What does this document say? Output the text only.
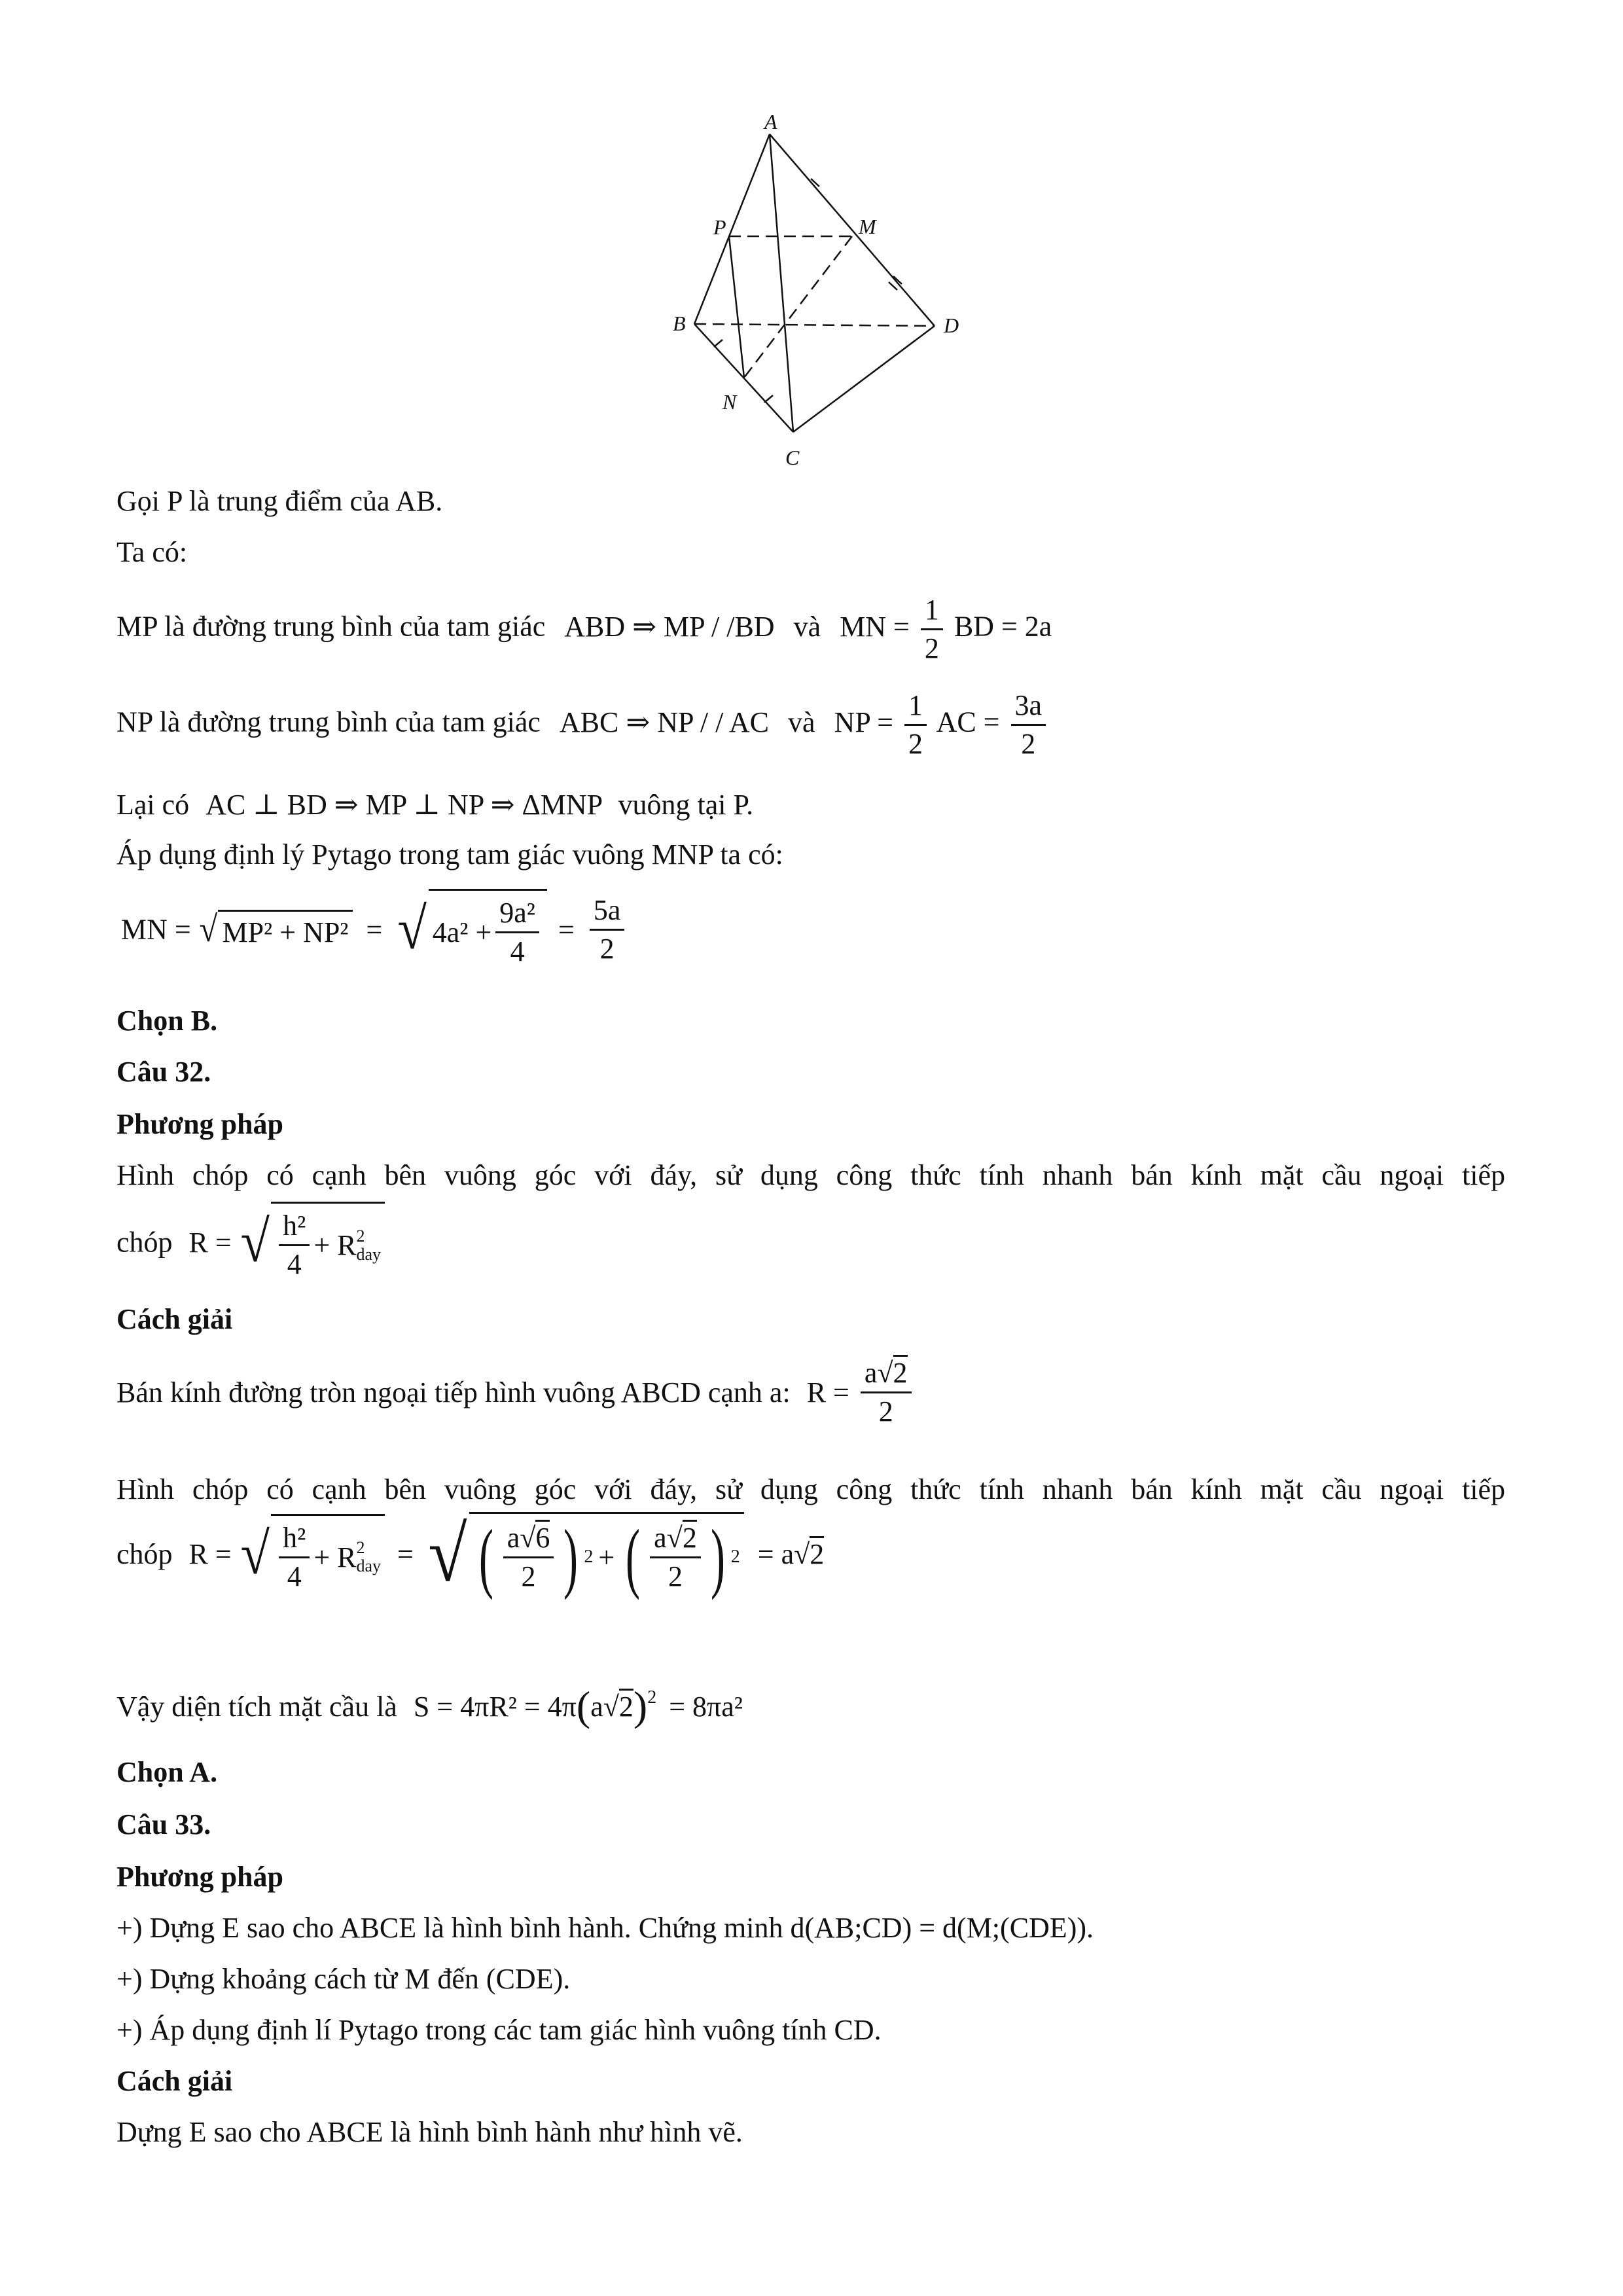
A
P	M
B	D
N
C
Gọi P là trung điểm của AB.
Ta có:
MP là đường trung bình của tam giác ABD ⇒ MP / /BD và MN = $\frac{1}{2}$ BD = 2a
NP là đường trung bình của tam giác ABC ⇒ NP / / AC và NP = $\frac{1}{2}$ AC = $\frac{3a}{2}$
Lại có AC ⊥ BD ⇒ MP ⊥ NP ⇒ ΔMNP vuông tại P.
Áp dụng định lý Pytago trong tam giác vuông MNP ta có:
MN = √ MP² + NP² = √ $4a^2 + \frac{\text{9a²}}{4} = \frac{5a}{2}$
Chọn B.
Câu 32.
Phương pháp
Hình chóp có cạnh bên vuông góc với đáy, sử dụng công thức tính nhanh bán kính mặt cầu ngoại tiếp
chóp R = √ $\frac{\text{h²}}{4} + R$ 2
day
Cách giải
Bán kính đường tròn ngoại tiếp hình vuông ABCD cạnh a: $R = \frac{a√2}{2}$
Hình chóp có cạnh bên vuông góc với đáy, sử dụng công thức tính nhanh bán kính mặt cầu ngoại tiếp
chóp R = √ $\frac{\text{h²}}{4} + R$ 2
day = √ ( $\frac{a√6}{2}$ ) 2 + ( $\frac{a√2}{2}$ ) 2 = a√2
Vậy diện tích mặt cầu là $S = 4\pi R^2 = 4\pi(a√2)^2 = 8\pi a^2$
Chọn A.
Câu 33.
Phương pháp
+) Dựng E sao cho ABCE là hình bình hành. Chứng minh d(AB;CD) = d(M;(CDE)).
+) Dựng khoảng cách từ M đến (CDE).
+) Áp dụng định lí Pytago trong các tam giác hình vuông tính CD.
Cách giải
Dựng E sao cho ABCE là hình bình hành như hình vẽ.
